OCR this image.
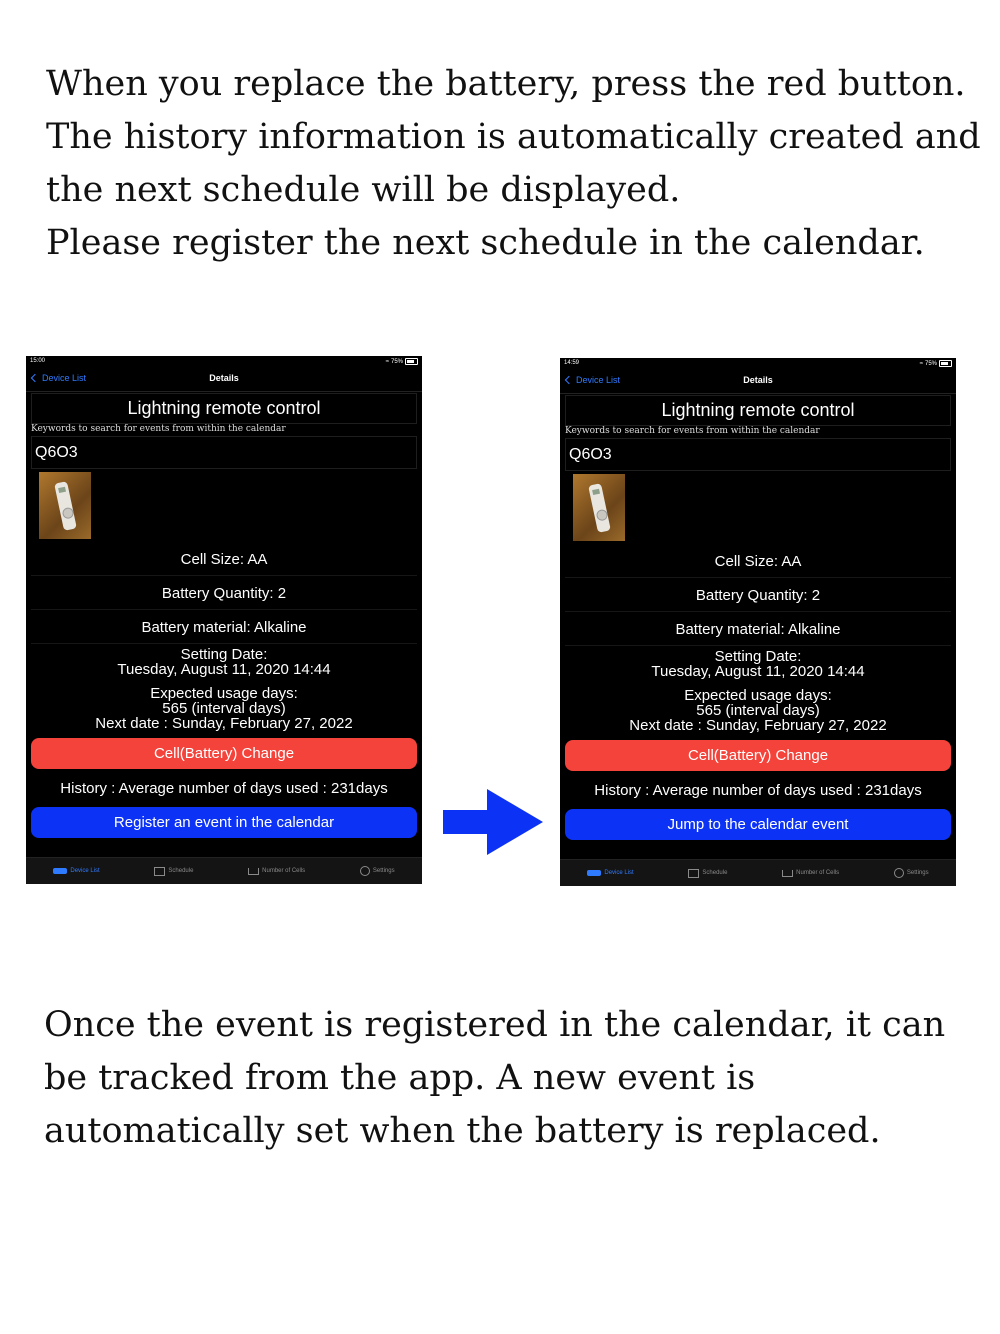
When you replace the battery, press the red button.

The history information is automatically created and

the next schedule will be displayed.

Please register the next schedule in the calendar.

15:00	≈ 75%
Device List	Details
Lightning remote control
Keywords to search for events from within the calendar
Q6O3
Cell Size: AA
Battery Quantity: 2
Battery material: Alkaline
Setting Date:
Tuesday, August 11, 2020 14:44
Expected usage days:
565 (interval days)
Next date : Sunday, February 27, 2022
Cell(Battery) Change
History : Average number of days used : 231days
Register an event in the calendar
Device List	Schedule	Number of Cells	Settings
14:59	≈ 75%
Device List	Details
Lightning remote control
Keywords to search for events from within the calendar
Q6O3
Cell Size: AA
Battery Quantity: 2
Battery material: Alkaline
Setting Date:
Tuesday, August 11, 2020 14:44
Expected usage days:
565 (interval days)
Next date : Sunday, February 27, 2022
Cell(Battery) Change
History : Average number of days used : 231days
Jump to the calendar event
Device List	Schedule	Number of Cells	Settings

Once the event is registered in the calendar, it can

be tracked from the app. A new event is

automatically set when the battery is replaced.
